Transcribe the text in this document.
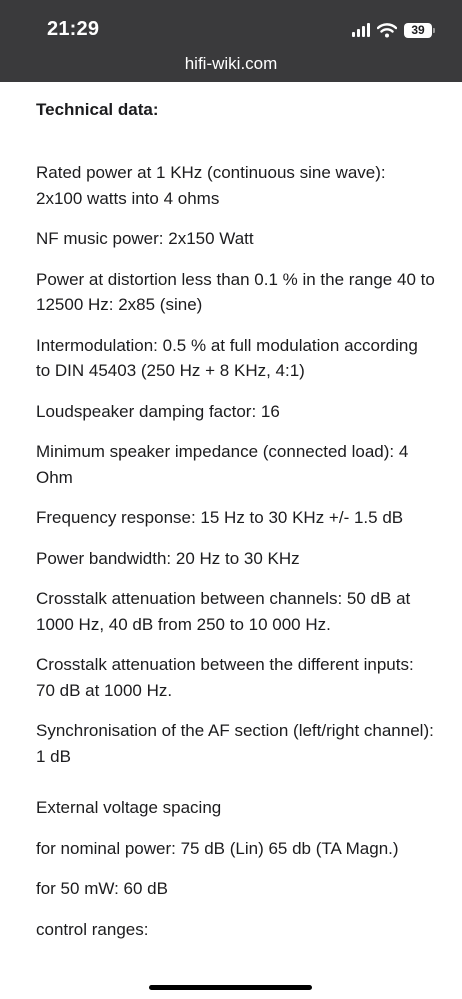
21:29	39
hifi-wiki.com
Technical data:

Rated power at 1 KHz (continuous sine wave): 2x100 watts into 4 ohms

NF music power: 2x150 Watt

Power at distortion less than 0.1 % in the range 40 to 12500 Hz: 2x85 (sine)

Intermodulation: 0.5 % at full modulation according to DIN 45403 (250 Hz + 8 KHz, 4:1)

Loudspeaker damping factor: 16

Minimum speaker impedance (connected load): 4 Ohm

Frequency response: 15 Hz to 30 KHz +/- 1.5 dB

Power bandwidth: 20 Hz to 30 KHz

Crosstalk attenuation between channels: 50 dB at 1000 Hz, 40 dB from 250 to 10 000 Hz.

Crosstalk attenuation between the different inputs: 70 dB at 1000 Hz.

Synchronisation of the AF section (left/right channel): 1 dB

External voltage spacing

for nominal power: 75 dB (Lin) 65 db (TA Magn.)

for 50 mW: 60 dB

control ranges:
